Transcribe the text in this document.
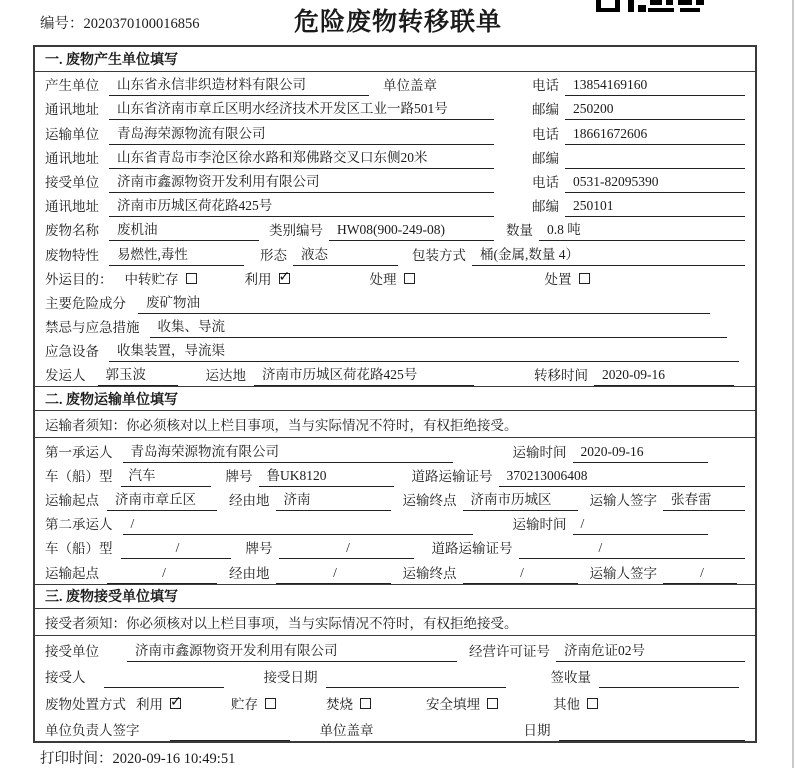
编号：2020370100016856	危险废物转移联单
一. 废物产生单位填写
产生单位	山东省永信非织造材料有限公司	单位盖章	电话	13854169160
通讯地址	山东省济南市章丘区明水经济技术开发区工业一路501号	邮编	250200
运输单位	青岛海荣源物流有限公司	电话	18661672606
通讯地址	山东省青岛市李沧区徐水路和郑佛路交叉口东侧20米	邮编
接受单位	济南市鑫源物资开发利用有限公司	电话	0531-82095390
通讯地址	济南市历城区荷花路425号	邮编	250101
废物名称	废机油	类别编号	HW08(900-249-08)	数量	0.8 吨
废物特性	易燃性,毒性	形态	液态	包装方式	桶(金属,数量 4）
外运目的： 中转贮存	利用 ✓	处理	处置
主要危险成分	废矿物油
禁忌与应急措施	收集、导流
应急设备	收集装置，导流渠
发运人	郭玉波	运达地	济南市历城区荷花路425号	转移时间	2020-09-16
二. 废物运输单位填写
运输者须知：你必须核对以上栏目事项，当与实际情况不符时，有权拒绝接受。
第一承运人	青岛海荣源物流有限公司	运输时间	2020-09-16
车（船）型	汽车	牌号	鲁UK8120	道路运输证号	370213006408
运输起点	济南市章丘区	经由地	济南	运输终点	济南市历城区	运输人签字	张春雷
第二承运人	/	运输时间	/
车（船）型	/	牌号	/	道路运输证号	/
运输起点	/	经由地	/	运输终点	/	运输人签字	/
三. 废物接受单位填写
接受者须知：你必须核对以上栏目事项，当与实际情况不符时，有权拒绝接受。
接受单位	济南市鑫源物资开发利用有限公司	经营许可证号	济南危证02号
接受人	接受日期	签收量
废物处置方式 利用 ✓	贮存	焚烧	安全填埋	其他
单位负责人签字	单位盖章	日期
打印时间：2020-09-16 10:49:51
